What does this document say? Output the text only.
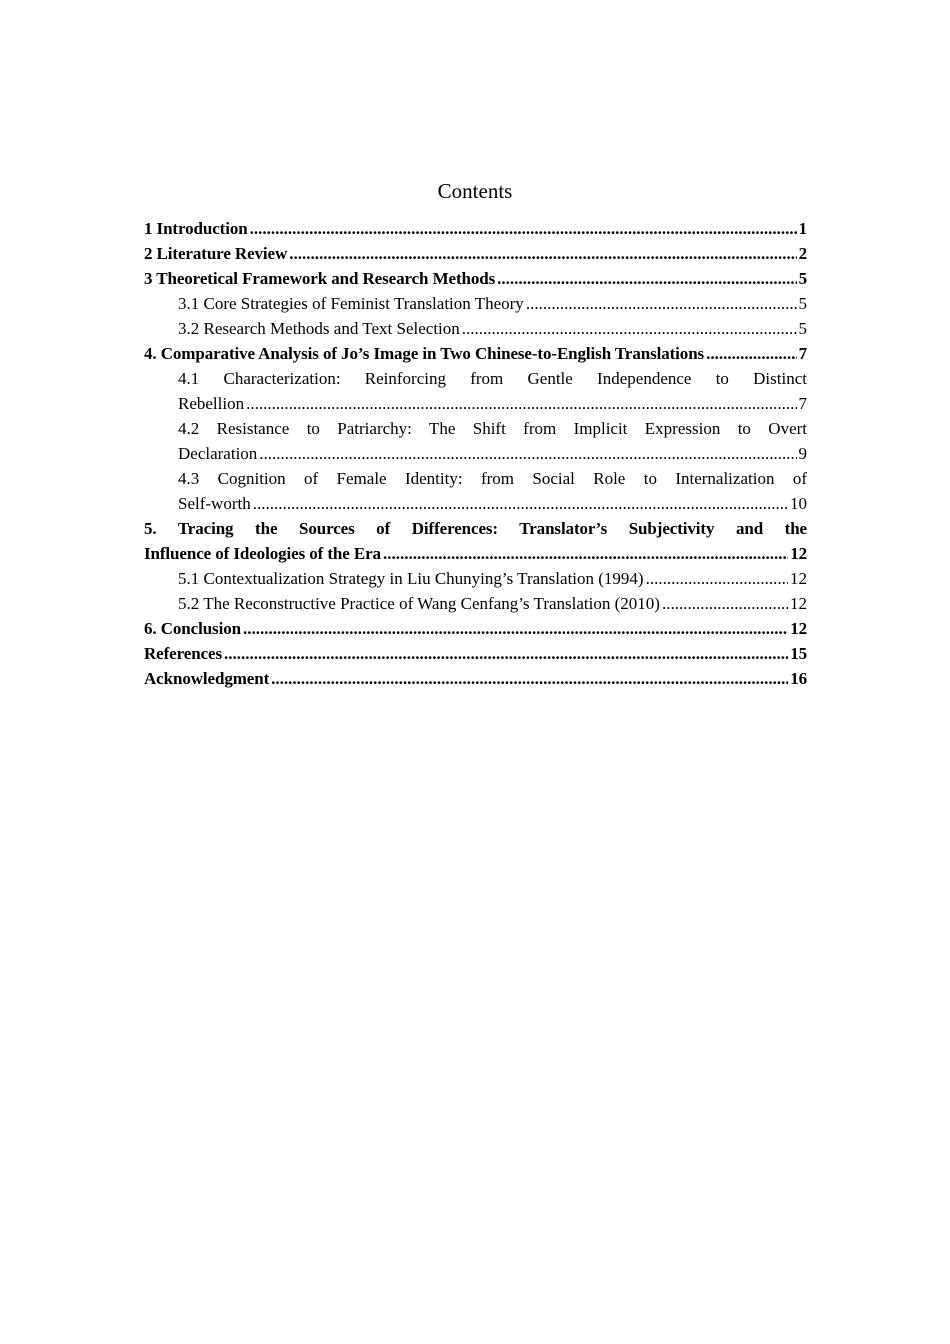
Contents
1 Introduction .....	1
2 Literature Review .....	2
3 Theoretical Framework and Research Methods .....	5
3.1 Core Strategies of Feminist Translation Theory .....	5
3.2 Research Methods and Text Selection .....	5
4. Comparative Analysis of Jo’s Image in Two Chinese-to-English Translations .....	7
4.1 Characterization: Reinforcing from Gentle Independence to Distinct
Rebellion .....	7
4.2 Resistance to Patriarchy: The Shift from Implicit Expression to Overt
Declaration .....	9
4.3 Cognition of Female Identity: from Social Role to Internalization of
Self-worth .....	10
5. Tracing the Sources of Differences: Translator’s Subjectivity and the
Influence of Ideologies of the Era .....	12
5.1 Contextualization Strategy in Liu Chunying’s Translation (1994) .....	12
5.2 The Reconstructive Practice of Wang Cenfang’s Translation (2010) .....	12
6. Conclusion .....	12
References .....	15
Acknowledgment .....	16
